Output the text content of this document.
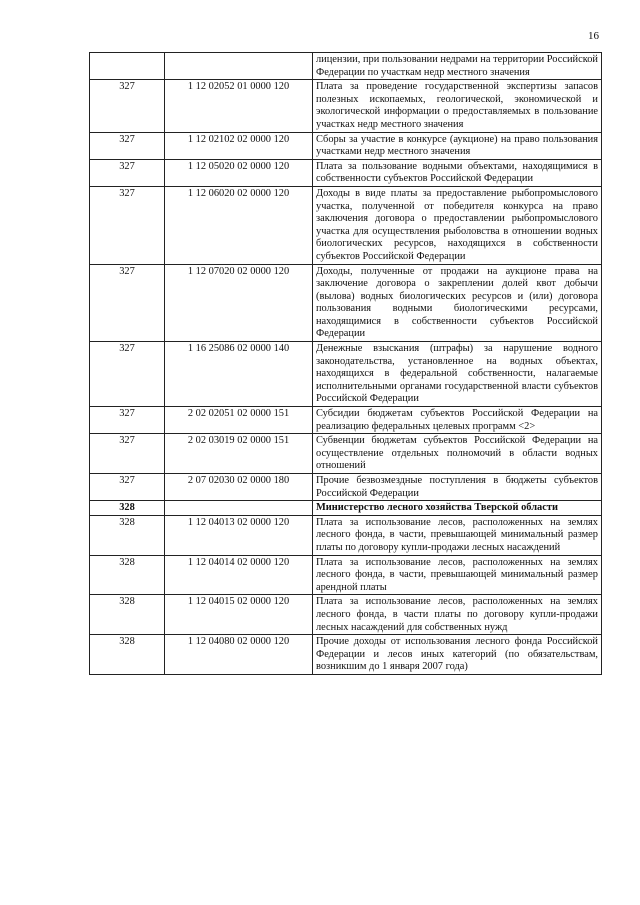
16
		лицензии, при пользовании недрами на территории Российской Федерации по участкам недр местного значения
327	1 12 02052 01 0000 120	Плата за проведение государственной экспертизы запасов полезных ископаемых, геологической, экономической и экологической информации о предоставляемых в пользование участках недр местного значения
327	1 12 02102 02 0000 120	Сборы за участие в конкурсе (аукционе) на право пользования участками недр местного значения
327	1 12 05020 02 0000 120	Плата за пользование водными объектами, находящимися в собственности субъектов Российской Федерации
327	1 12 06020 02 0000 120	Доходы в виде платы за предоставление рыбопромыслового участка, полученной от победителя конкурса на право заключения договора о предоставлении рыбопромыслового участка для осуществления рыболовства в отношении водных биологических ресурсов, находящихся в собственности субъектов Российской Федерации
327	1 12 07020 02 0000 120	Доходы, полученные от продажи на аукционе права на заключение договора о закреплении долей квот добычи (вылова) водных биологических ресурсов и (или) договора пользования водными биологическими ресурсами, находящимися в собственности субъектов Российской Федерации
327	1 16 25086 02 0000 140	Денежные взыскания (штрафы) за нарушение водного законодательства, установленное на водных объектах, находящихся в федеральной собственности, налагаемые исполнительными органами государственной власти субъектов Российской Федерации
327	2 02 02051 02 0000 151	Субсидии бюджетам субъектов Российской Федерации на реализацию федеральных целевых программ <2>
327	2 02 03019 02 0000 151	Субвенции бюджетам субъектов Российской Федерации на осуществление отдельных полномочий в области водных отношений
327	2 07 02030 02 0000 180	Прочие безвозмездные поступления в бюджеты субъектов Российской Федерации
328		Министерство лесного хозяйства Тверской области
328	1 12 04013 02 0000 120	Плата за использование лесов, расположенных на землях лесного фонда, в части, превышающей минимальный размер платы по договору купли-продажи лесных насаждений
328	1 12 04014 02 0000 120	Плата за использование лесов, расположенных на землях лесного фонда, в части, превышающей минимальный размер арендной платы
328	1 12 04015 02 0000 120	Плата за использование лесов, расположенных на землях лесного фонда, в части платы по договору купли-продажи лесных насаждений для собственных нужд
328	1 12 04080 02 0000 120	Прочие доходы от использования лесного фонда Российской Федерации и лесов иных категорий (по обязательствам, возникшим до 1 января 2007 года)
